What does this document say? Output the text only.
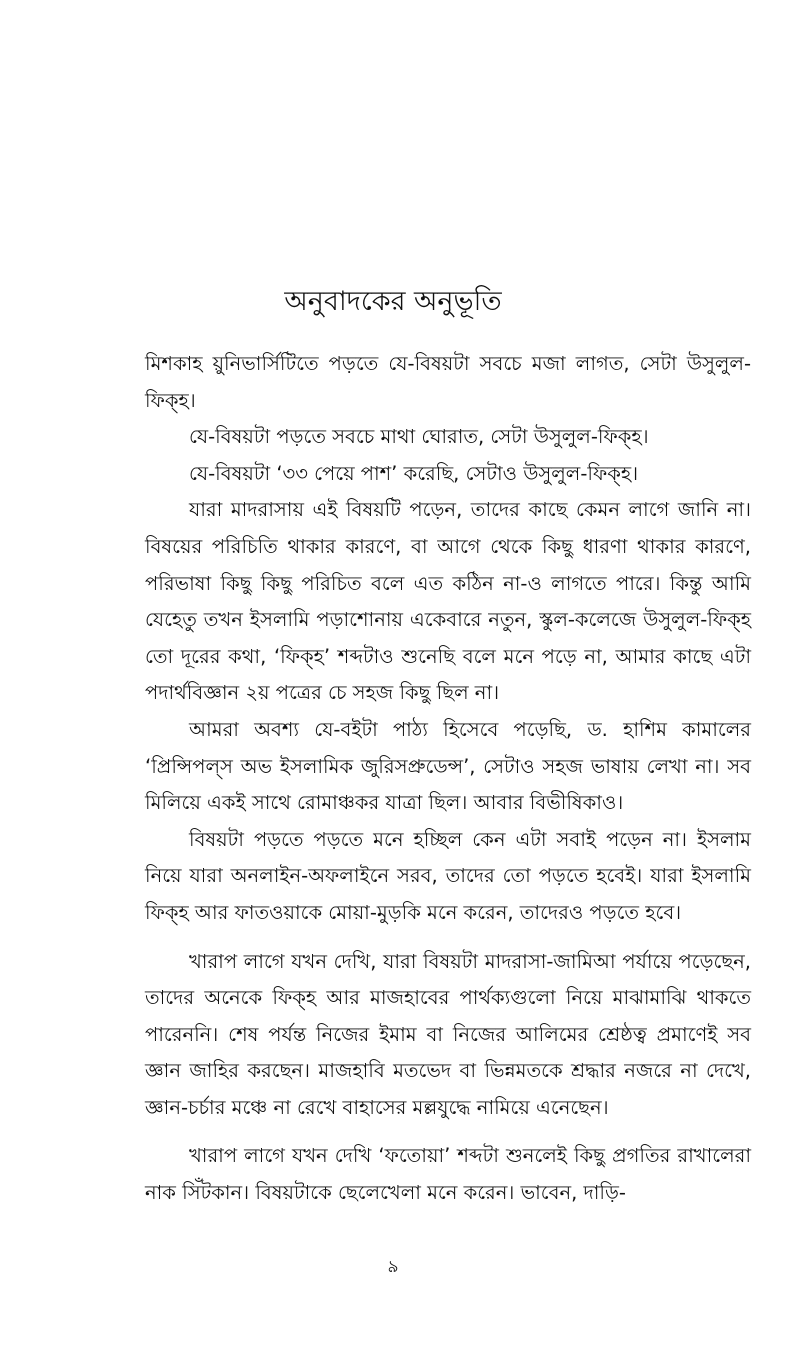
অনুবাদকের অনুভূতি

মিশকাহ য়ুনিভার্সিটিতে পড়তে যে-বিষয়টা সবচে মজা লাগত, সেটা উসুলুল-ফিক্‌হ।

যে-বিষয়টা পড়তে সবচে মাথা ঘোরাত, সেটা উসুলুল-ফিক্‌হ।

যে-বিষয়টা ‘৩৩ পেয়ে পাশ’ করেছি, সেটাও উসুলুল-ফিক্‌হ।

যারা মাদরাসায় এই বিষয়টি পড়েন, তাদের কাছে কেমন লাগে জানি না। বিষয়ের পরিচিতি থাকার কারণে, বা আগে থেকে কিছু ধারণা থাকার কারণে, পরিভাষা কিছু কিছু পরিচিত বলে এত কঠিন না-ও লাগতে পারে। কিন্তু আমি যেহেতু তখন ইসলামি পড়াশোনায় একেবারে নতুন, স্কুল-কলেজে উসুলুল-ফিক্‌হ তো দূরের কথা, ‘ফিক্‌হ’ শব্দটাও শুনেছি বলে মনে পড়ে না, আমার কাছে এটা পদার্থবিজ্ঞান ২য় পত্রের চে সহজ কিছু ছিল না।

আমরা অবশ্য যে-বইটা পাঠ্য হিসেবে পড়েছি, ড. হাশিম কামালের ‘প্রিন্সিপল্‌স অভ ইসলামিক জুরিসপ্রুডেন্স’, সেটাও সহজ ভাষায় লেখা না। সব মিলিয়ে একই সাথে রোমাঞ্চকর যাত্রা ছিল। আবার বিভীষিকাও।

বিষয়টা পড়তে পড়তে মনে হচ্ছিল কেন এটা সবাই পড়েন না। ইসলাম নিয়ে যারা অনলাইন-অফলাইনে সরব, তাদের তো পড়তে হবেই। যারা ইসলামি ফিক্‌হ আর ফাতওয়াকে মোয়া-মুড়কি মনে করেন, তাদেরও পড়তে হবে।

খারাপ লাগে যখন দেখি, যারা বিষয়টা মাদরাসা-জামিআ পর্যায়ে পড়েছেন, তাদের অনেকে ফিক্‌হ আর মাজহাবের পার্থক্যগুলো নিয়ে মাঝামাঝি থাকতে পারেননি। শেষ পর্যন্ত নিজের ইমাম বা নিজের আলিমের শ্রেষ্ঠত্ব প্রমাণেই সব জ্ঞান জাহির করছেন। মাজহাবি মতভেদ বা ভিন্নমতকে শ্রদ্ধার নজরে না দেখে, জ্ঞান-চর্চার মঞ্চে না রেখে বাহাসের মল্লযুদ্ধে নামিয়ে এনেছেন।

খারাপ লাগে যখন দেখি ‘ফতোয়া’ শব্দটা শুনলেই কিছু প্রগতির রাখালেরা নাক সিঁটকান। বিষয়টাকে ছেলেখেলা মনে করেন। ভাবেন, দাড়ি-

৯
